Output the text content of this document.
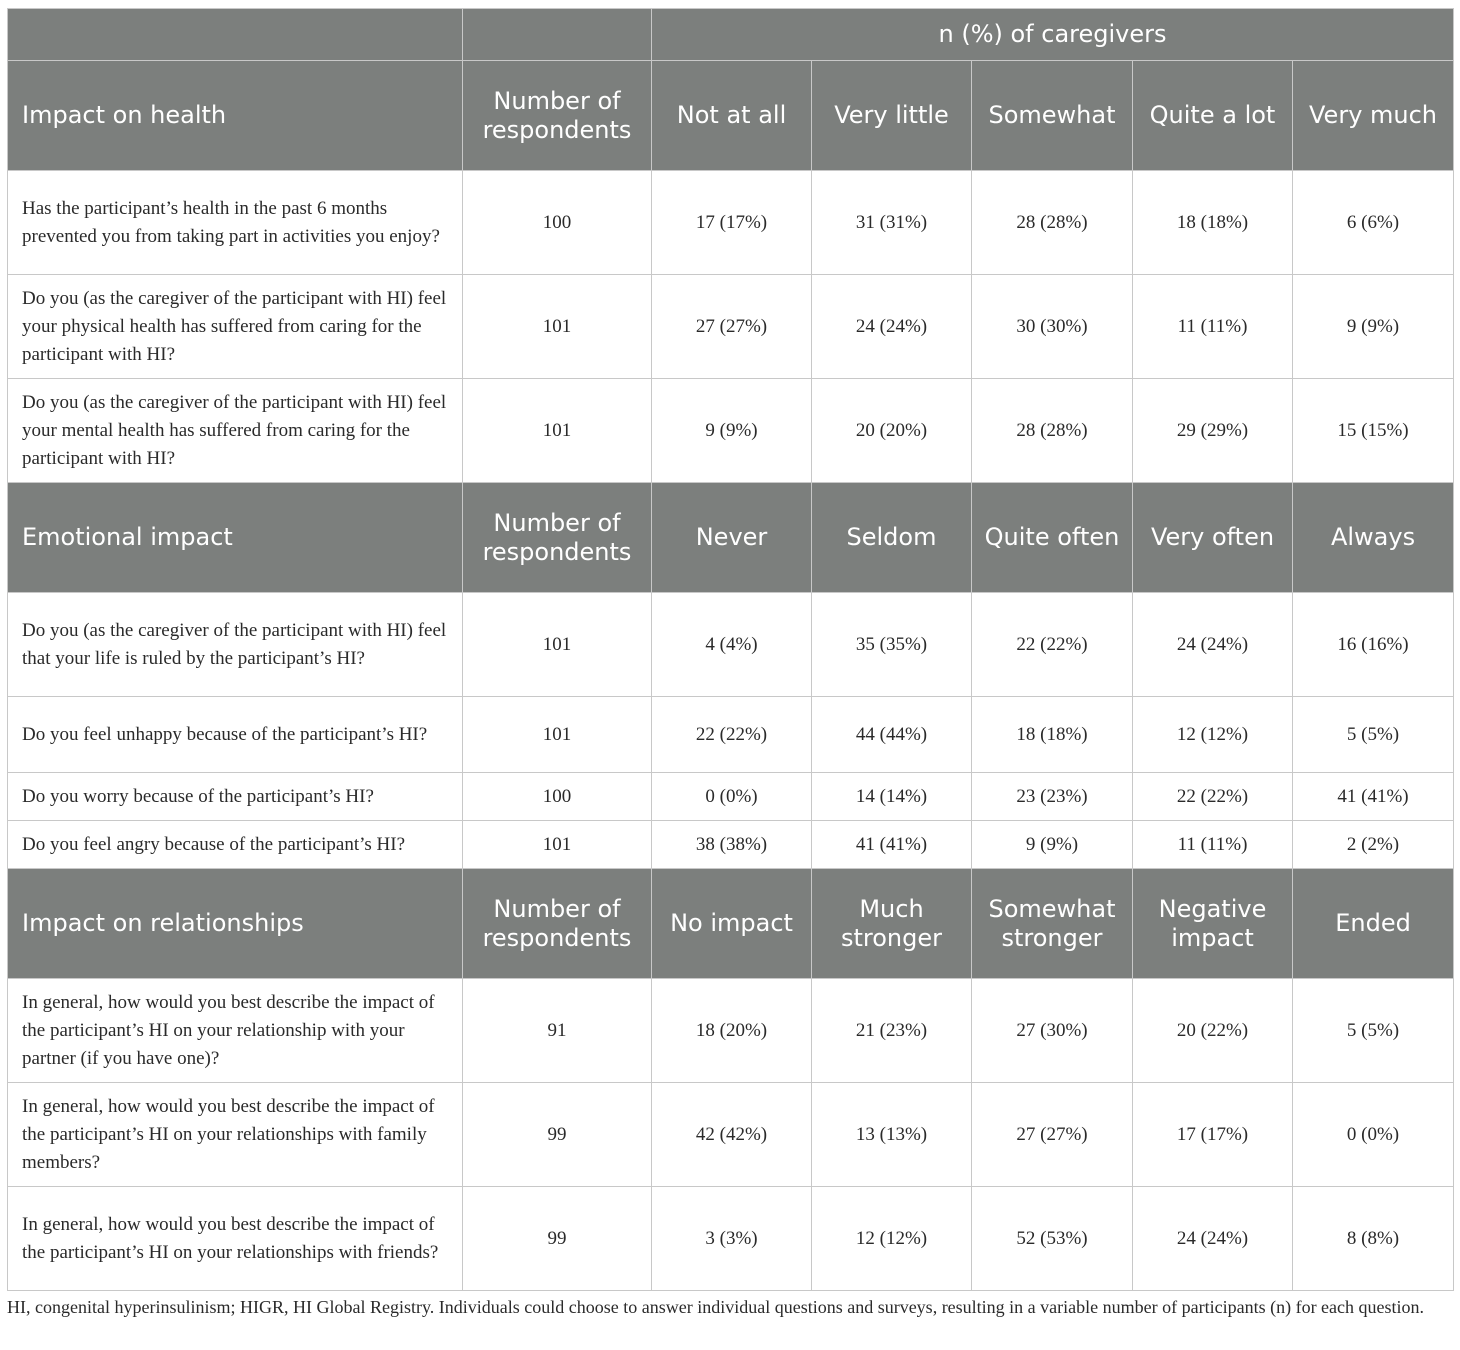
		n (%) of caregivers				
Impact on health	Number of respondents	Not at all	Very little	Somewhat	Quite a lot	Very much
Has the participant’s health in the past 6 months prevented you from taking part in activities you enjoy?	100	17 (17%)	31 (31%)	28 (28%)	18 (18%)	6 (6%)
Do you (as the caregiver of the participant with HI) feel your physical health has suffered from caring for the participant with HI?	101	27 (27%)	24 (24%)	30 (30%)	11 (11%)	9 (9%)
Do you (as the caregiver of the participant with HI) feel your mental health has suffered from caring for the participant with HI?	101	9 (9%)	20 (20%)	28 (28%)	29 (29%)	15 (15%)
Emotional impact	Number of respondents	Never	Seldom	Quite often	Very often	Always
Do you (as the caregiver of the participant with HI) feel that your life is ruled by the participant’s HI?	101	4 (4%)	35 (35%)	22 (22%)	24 (24%)	16 (16%)
Do you feel unhappy because of the participant’s HI?	101	22 (22%)	44 (44%)	18 (18%)	12 (12%)	5 (5%)
Do you worry because of the participant’s HI?	100	0 (0%)	14 (14%)	23 (23%)	22 (22%)	41 (41%)
Do you feel angry because of the participant’s HI?	101	38 (38%)	41 (41%)	9 (9%)	11 (11%)	2 (2%)
Impact on relationships	Number of respondents	No impact	Much stronger	Somewhat stronger	Negative impact	Ended
In general, how would you best describe the impact of the participant’s HI on your relationship with your partner (if you have one)?	91	18 (20%)	21 (23%)	27 (30%)	20 (22%)	5 (5%)
In general, how would you best describe the impact of the participant’s HI on your relationships with family members?	99	42 (42%)	13 (13%)	27 (27%)	17 (17%)	0 (0%)
In general, how would you best describe the impact of the participant’s HI on your relationships with friends?	99	3 (3%)	12 (12%)	52 (53%)	24 (24%)	8 (8%)
HI, congenital hyperinsulinism; HIGR, HI Global Registry. Individuals could choose to answer individual questions and surveys, resulting in a variable number of participants (n) for each question.
